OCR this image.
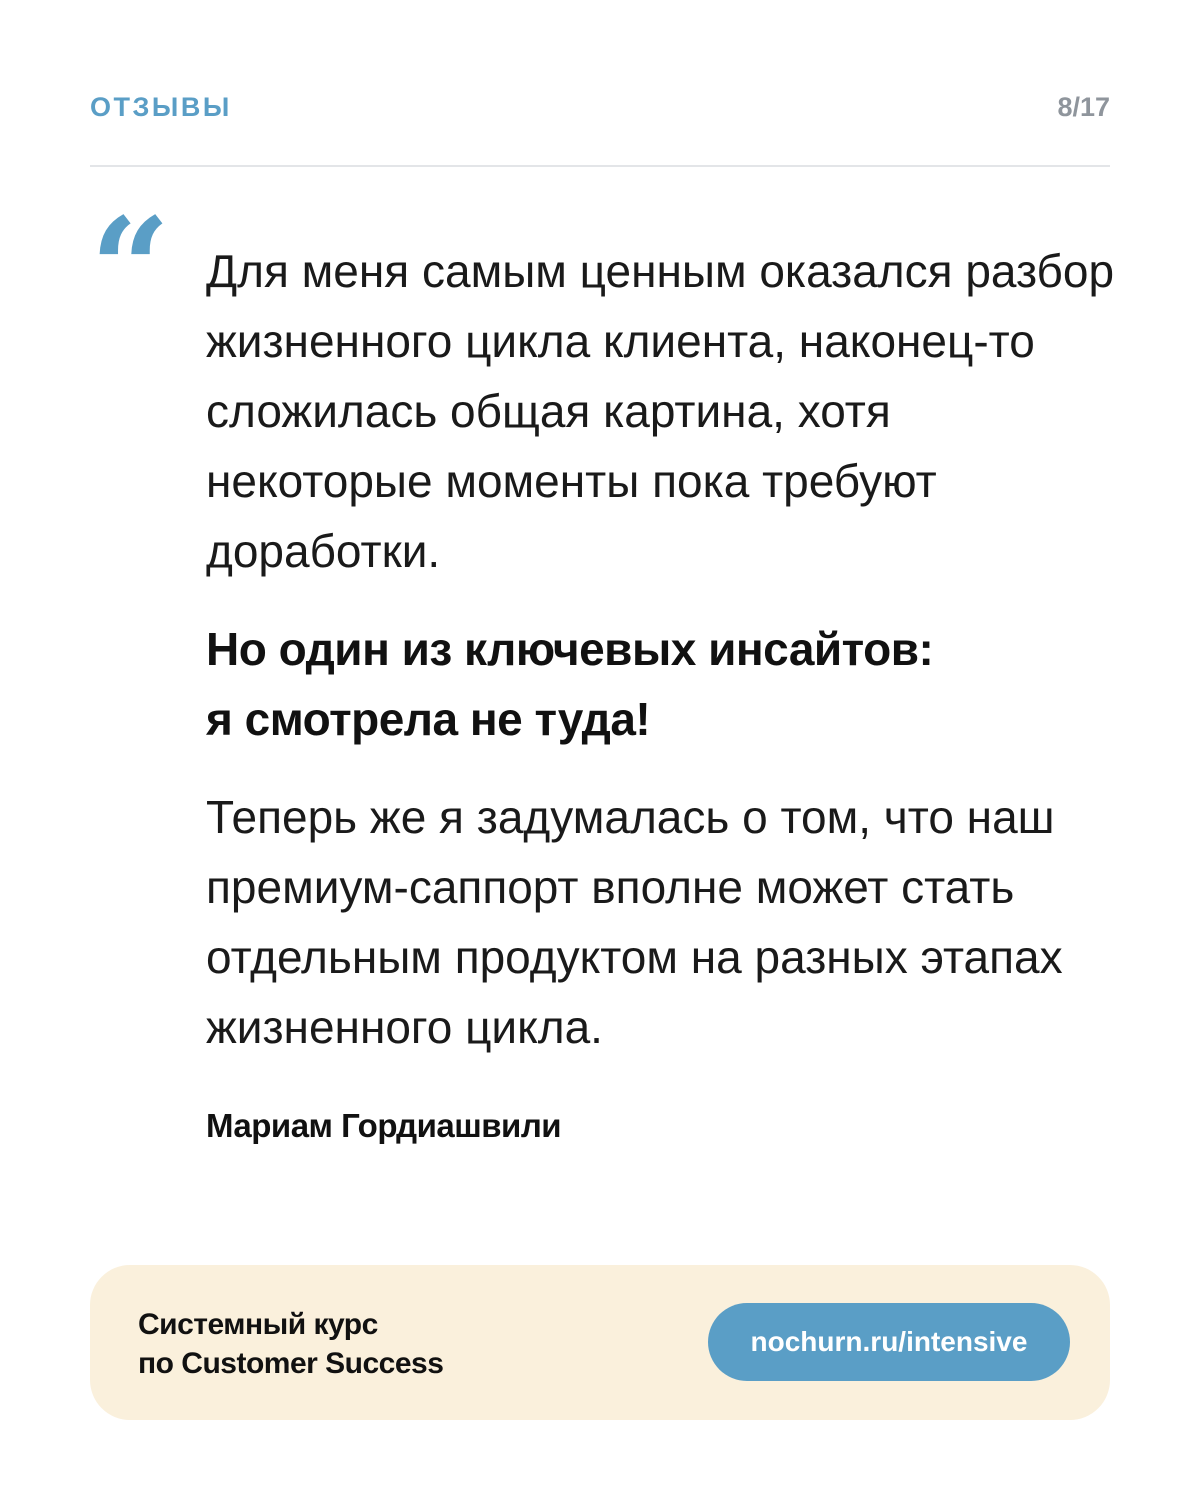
ОТЗЫВЫ	8/17
“ Для меня самым ценным оказался разбор жизненного цикла клиента, наконец-то сложилась общая картина, хотя некоторые моменты пока требуют доработки.

Но один из ключевых инсайтов:
я смотрела не туда!

Теперь же я задумалась о том, что наш премиум-саппорт вполне может стать отдельным продуктом на разных этапах жизненного цикла.

Мариам Гордиашвили
Системный курс
по Customer Success
nochurn.ru/intensive
